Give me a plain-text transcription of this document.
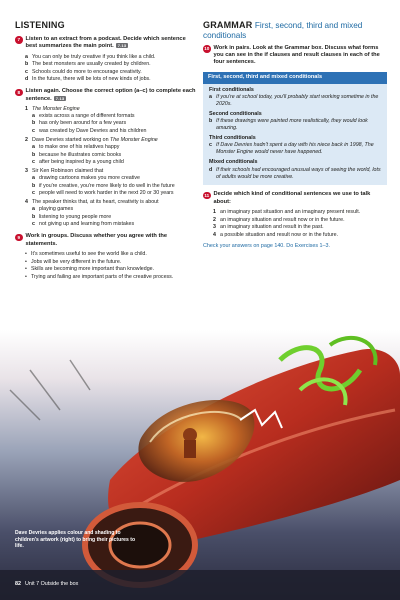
LISTENING
7 Listen to an extract from a podcast. Decide which sentence best summarizes the main point. 7.13
a You can only be truly creative if you think like a child.
b The best monsters are usually created by children.
c Schools could do more to encourage creativity.
d In the future, there will be lots of new kinds of jobs.
8 Listen again. Choose the correct option (a–c) to complete each sentence. 7.13
1 The Monster Engine
a exists across a range of different formats
b has only been around for a few years
c was created by Dave Devries and his children
2 Dave Devries started working on The Monster Engine
a to make one of his relatives happy
b because he illustrates comic books
c after being inspired by a young child
3 Sir Ken Robinson claimed that
a drawing cartoons makes you more creative
b if you're creative, you're more likely to do well in the future
c people will need to work harder in the next 20 or 30 years
4 The speaker thinks that, at its heart, creativity is about
a playing games
b listening to young people more
c not giving up and learning from mistakes
9 Work in groups. Discuss whether you agree with the statements.
• It's sometimes useful to see the world like a child.
• Jobs will be very different in the future.
• Skills are becoming more important than knowledge.
• Trying and failing are important parts of the creative process.
GRAMMAR First, second, third and mixed conditionals
10 Work in pairs. Look at the Grammar box. Discuss what forms you can see in the if clauses and result clauses in each of the four sentences.
First, second, third and mixed conditionals
First conditionals
a If you're at school today, you'll probably start working sometime in the 2020s.
Second conditionals
b If these drawings were painted more realistically, they would look amazing.
Third conditionals
c If Dave Devries hadn't spent a day with his niece back in 1998, The Monster Engine would never have happened.
Mixed conditionals
d If their schools had encouraged unusual ways of seeing the world, lots of adults would be more creative.
11 Decide which kind of conditional sentences we use to talk about:
1 an imaginary past situation and an imaginary present result.
2 an imaginary situation and result now or in the future.
3 an imaginary situation and result in the past.
4 a possible situation and result now or in the future.
Check your answers on page 140. Do Exercises 1–3.
Dave Devries applies colour and shading to children's artwork (right) to bring their pictures to life.
82 Unit 7
Outside the box
